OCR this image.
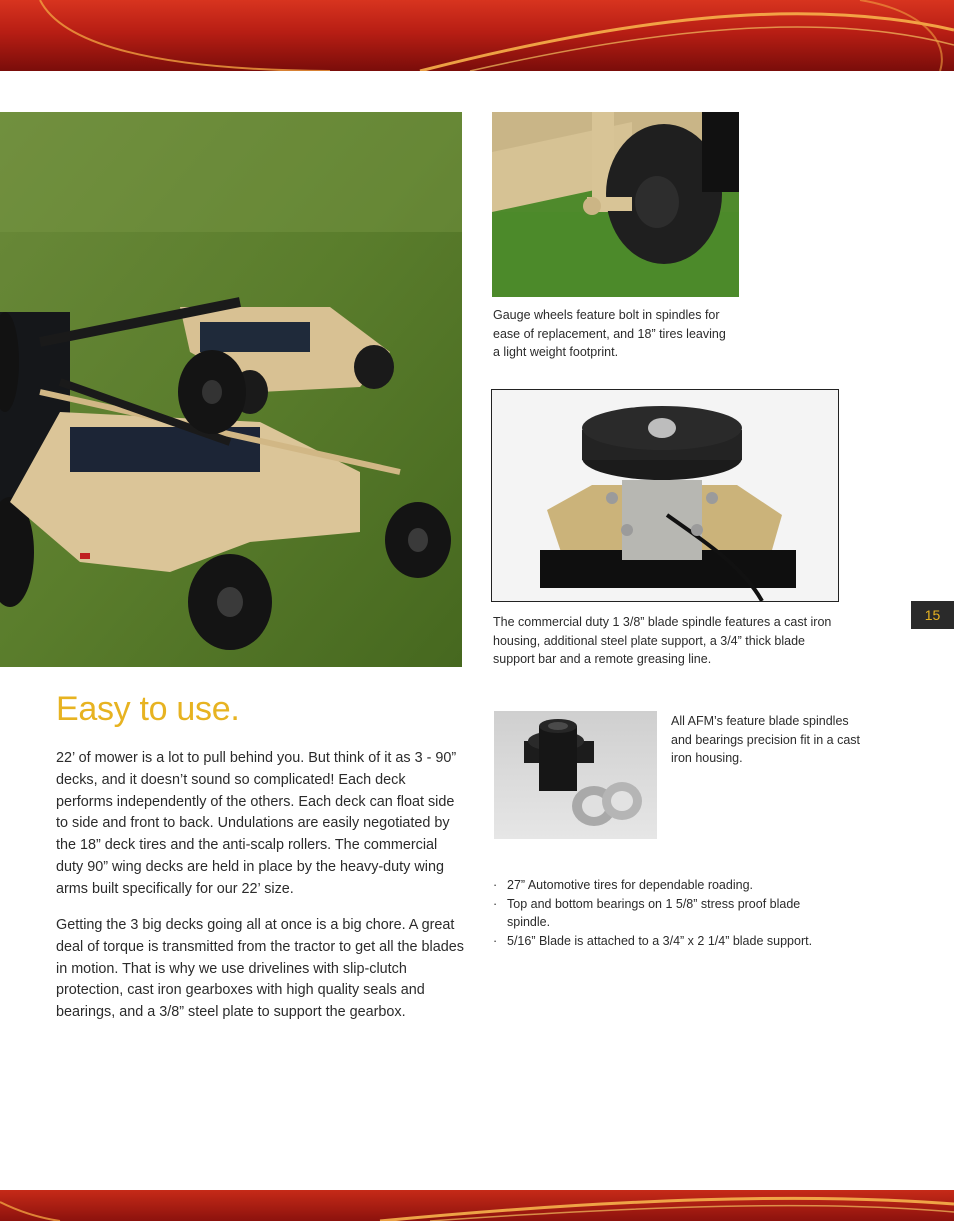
Gauge wheels feature bolt in spindles for ease of replacement, and 18” tires leaving a light weight footprint.

The commercial duty 1 3/8” blade spindle features a cast iron housing, additional steel plate support, a 3/4” thick blade support bar and a remote greasing line.

15
Easy to use.

22’ of mower is a lot to pull behind you. But think of it as 3 - 90” decks, and it doesn’t sound so complicated! Each deck performs independently of the others. Each deck can float side to side and front to back. Undulations are easily negotiated by the 18” deck tires and the anti-scalp rollers. The commercial duty 90” wing decks are held in place by the heavy-duty wing arms built specifically for our 22’ size.

Getting the 3 big decks going all at once is a big chore. A great deal of torque is transmitted from the tractor to get all the blades in motion. That is why we use drivelines with slip-clutch protection, cast iron gearboxes with high quality seals and bearings, and a 3/8” steel plate to support the gearbox.

All AFM’s feature blade spindles and bearings precision fit in a cast iron housing.

· 27” Automotive tires for dependable roading.
· Top and bottom bearings on 1 5/8” stress proof blade spindle.
· 5/16” Blade is attached to a 3/4” x 2 1/4” blade support.
